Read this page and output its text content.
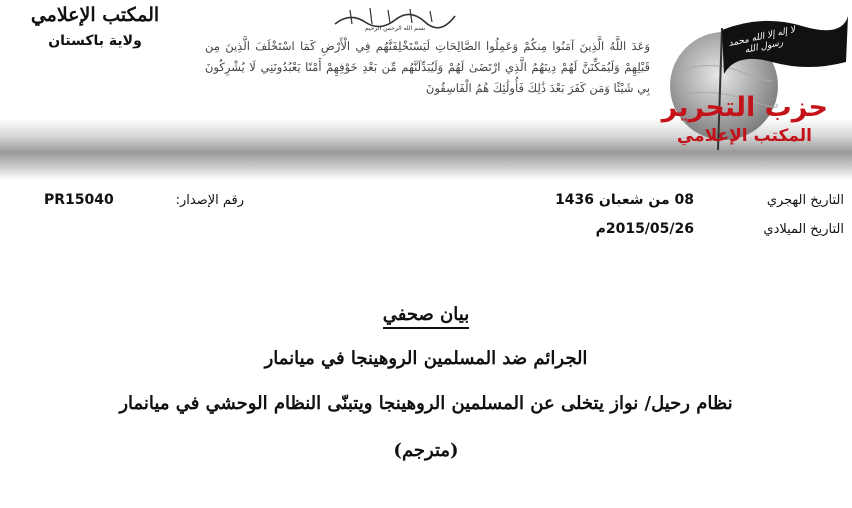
المكتب الإعلامي
ولاية باكستان
بسم الله الرحمن الرحيم
وَعَدَ اللَّهُ الَّذِينَ آمَنُوا مِنكُمْ وَعَمِلُوا الصَّالِحَاتِ لَيَسْتَخْلِفَنَّهُم فِي الْأَرْضِ كَمَا اسْتَخْلَفَ الَّذِينَ مِن قَبْلِهِمْ وَلَيُمَكِّنَنَّ لَهُمْ دِينَهُمُ الَّذِي ارْتَضَىٰ لَهُمْ وَلَيُبَدِّلَنَّهُم مِّن بَعْدِ خَوْفِهِمْ أَمْنًا يَعْبُدُونَنِي لَا يُشْرِكُونَ بِي شَيْئًا وَمَن كَفَرَ بَعْدَ ذَٰلِكَ فَأُولَٰئِكَ هُمُ الْفَاسِقُونَ
لا إله إلا الله محمد رسول الله
حزب التحرير
المكتب الإعلامي
التاريخ الهجري
08 من شعبان 1436
التاريخ الميلادي
2015/05/26م
رقم الإصدار:
PR15040
بيان صحفي
الجرائم ضد المسلمين الروهينجا في ميانمار
نظام رحيل/ نواز يتخلى عن المسلمين الروهينجا ويتبنّى النظام الوحشي في ميانمار
(مترجم)
